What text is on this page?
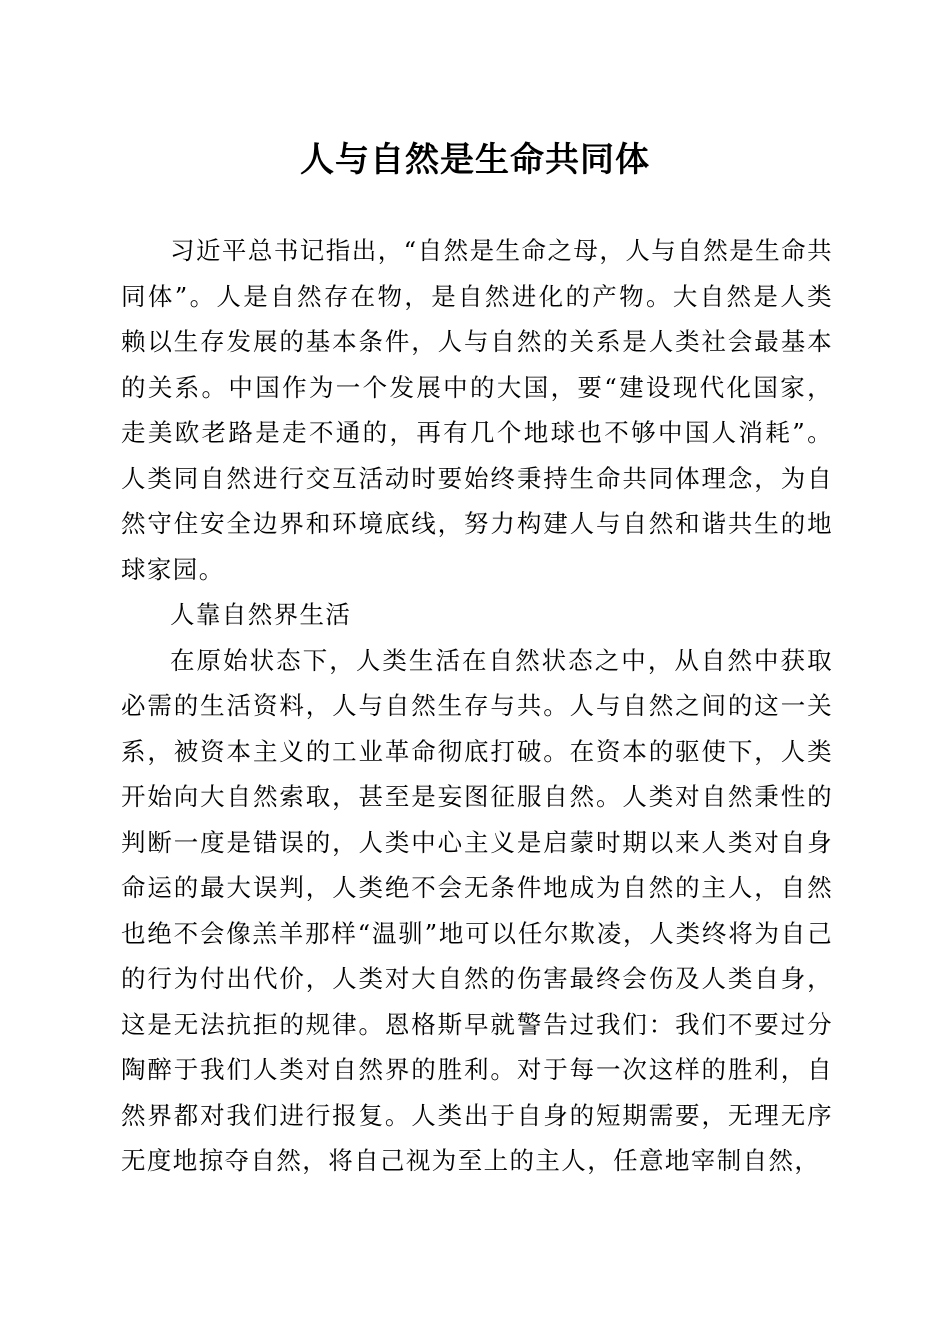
人与自然是生命共同体

习近平总书记指出，“自然是生命之母，人与自然是生命共同体”。人是自然存在物，是自然进化的产物。大自然是人类赖以生存发展的基本条件，人与自然的关系是人类社会最基本的关系。中国作为一个发展中的大国，要“建设现代化国家，走美欧老路是走不通的，再有几个地球也不够中国人消耗”。人类同自然进行交互活动时要始终秉持生命共同体理念，为自然守住安全边界和环境底线，努力构建人与自然和谐共生的地球家园。

人靠自然界生活

在原始状态下，人类生活在自然状态之中，从自然中获取必需的生活资料，人与自然生存与共。人与自然之间的这一关系，被资本主义的工业革命彻底打破。在资本的驱使下，人类开始向大自然索取，甚至是妄图征服自然。人类对自然秉性的判断一度是错误的，人类中心主义是启蒙时期以来人类对自身命运的最大误判，人类绝不会无条件地成为自然的主人，自然也绝不会像羔羊那样“温驯”地可以任尔欺凌，人类终将为自己的行为付出代价，人类对大自然的伤害最终会伤及人类自身，这是无法抗拒的规律。恩格斯早就警告过我们：我们不要过分陶醉于我们人类对自然界的胜利。对于每一次这样的胜利，自然界都对我们进行报复。人类出于自身的短期需要，无理无序无度地掠夺自然，将自己视为至上的主人，任意地宰制自然，
